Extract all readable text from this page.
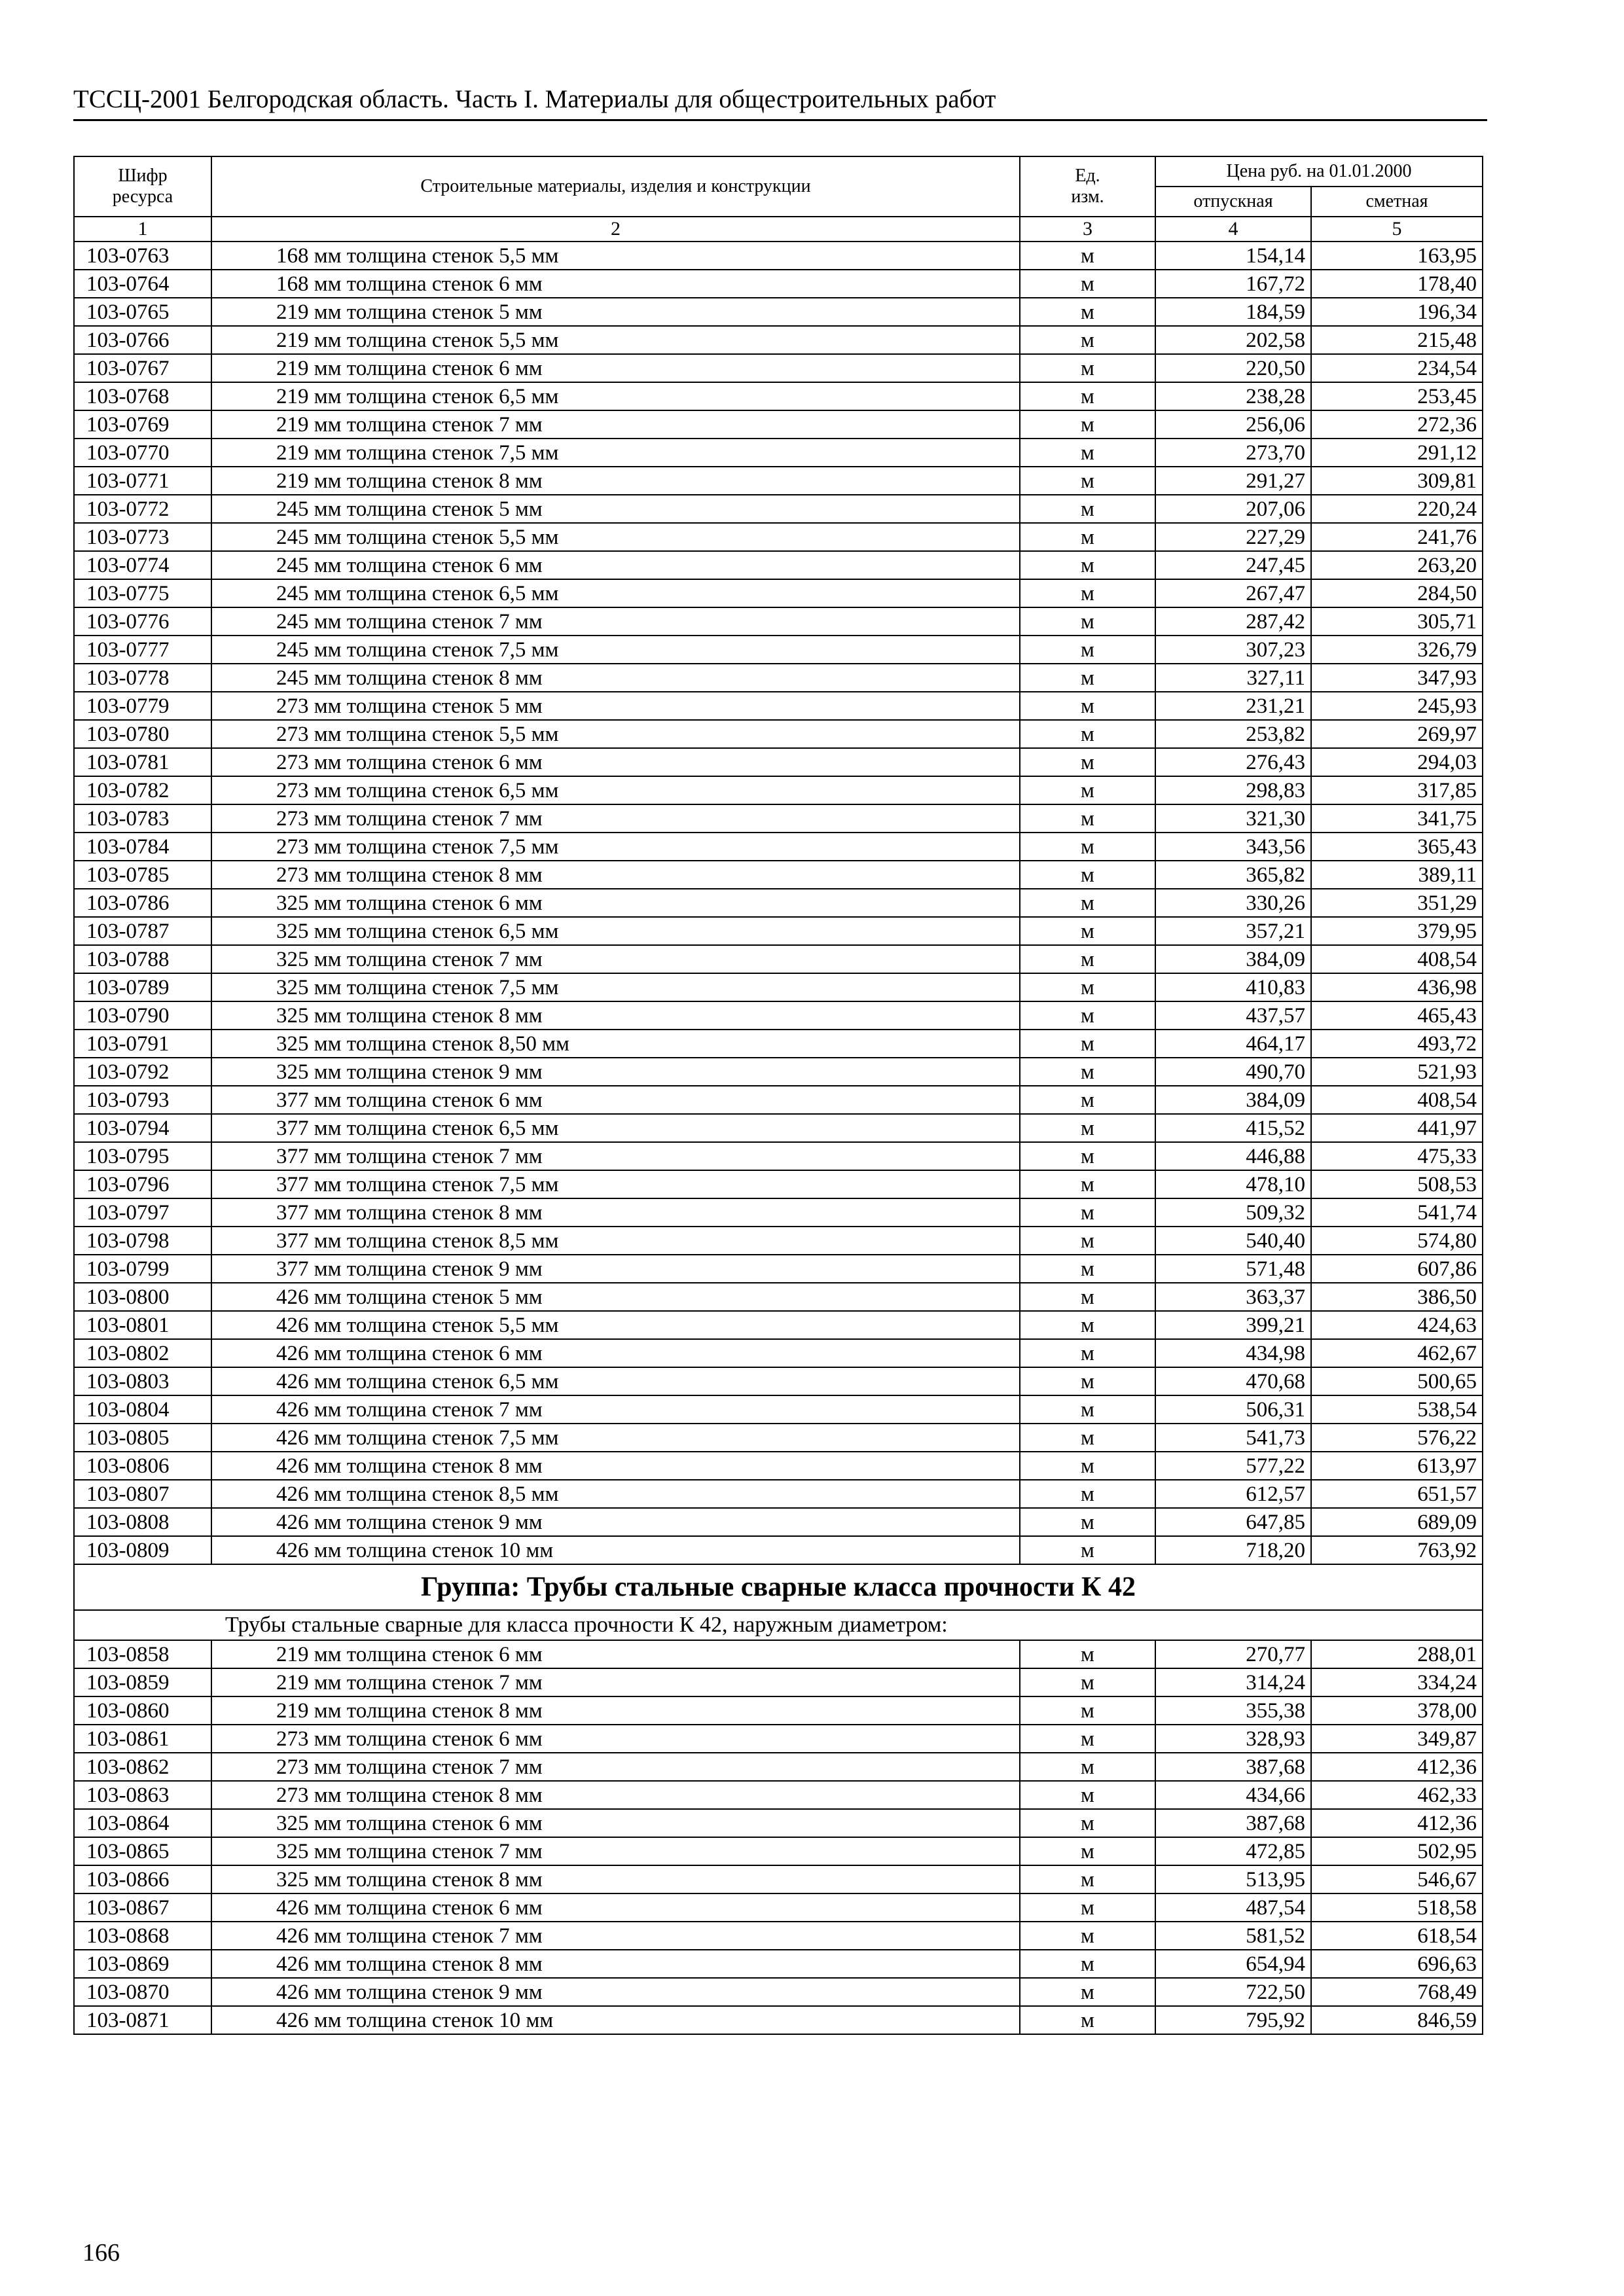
ТССЦ-2001 Белгородская область. Часть I. Материалы для общестроительных работ
Шифр ресурса	Строительные материалы, изделия и конструкции	Ед. изм.	Цена руб. на 01.01.2000	
			отпускная	сметная
1	2	3	4	5
103-0763	168 мм толщина стенок 5,5 мм	м	154,14	163,95
103-0764	168 мм толщина стенок 6 мм	м	167,72	178,40
103-0765	219 мм толщина стенок 5 мм	м	184,59	196,34
103-0766	219 мм толщина стенок 5,5 мм	м	202,58	215,48
103-0767	219 мм толщина стенок 6 мм	м	220,50	234,54
103-0768	219 мм толщина стенок 6,5 мм	м	238,28	253,45
103-0769	219 мм толщина стенок 7 мм	м	256,06	272,36
103-0770	219 мм толщина стенок 7,5 мм	м	273,70	291,12
103-0771	219 мм толщина стенок 8 мм	м	291,27	309,81
103-0772	245 мм толщина стенок 5 мм	м	207,06	220,24
103-0773	245 мм толщина стенок 5,5 мм	м	227,29	241,76
103-0774	245 мм толщина стенок 6 мм	м	247,45	263,20
103-0775	245 мм толщина стенок 6,5 мм	м	267,47	284,50
103-0776	245 мм толщина стенок 7 мм	м	287,42	305,71
103-0777	245 мм толщина стенок 7,5 мм	м	307,23	326,79
103-0778	245 мм толщина стенок 8 мм	м	327,11	347,93
103-0779	273 мм толщина стенок 5 мм	м	231,21	245,93
103-0780	273 мм толщина стенок 5,5 мм	м	253,82	269,97
103-0781	273 мм толщина стенок 6 мм	м	276,43	294,03
103-0782	273 мм толщина стенок 6,5 мм	м	298,83	317,85
103-0783	273 мм толщина стенок 7 мм	м	321,30	341,75
103-0784	273 мм толщина стенок 7,5 мм	м	343,56	365,43
103-0785	273 мм толщина стенок 8 мм	м	365,82	389,11
103-0786	325 мм толщина стенок 6 мм	м	330,26	351,29
103-0787	325 мм толщина стенок 6,5 мм	м	357,21	379,95
103-0788	325 мм толщина стенок 7 мм	м	384,09	408,54
103-0789	325 мм толщина стенок 7,5 мм	м	410,83	436,98
103-0790	325 мм толщина стенок 8 мм	м	437,57	465,43
103-0791	325 мм толщина стенок 8,50 мм	м	464,17	493,72
103-0792	325 мм толщина стенок 9 мм	м	490,70	521,93
103-0793	377 мм толщина стенок 6 мм	м	384,09	408,54
103-0794	377 мм толщина стенок 6,5 мм	м	415,52	441,97
103-0795	377 мм толщина стенок 7 мм	м	446,88	475,33
103-0796	377 мм толщина стенок 7,5 мм	м	478,10	508,53
103-0797	377 мм толщина стенок 8 мм	м	509,32	541,74
103-0798	377 мм толщина стенок 8,5 мм	м	540,40	574,80
103-0799	377 мм толщина стенок 9 мм	м	571,48	607,86
103-0800	426 мм толщина стенок 5 мм	м	363,37	386,50
103-0801	426 мм толщина стенок 5,5 мм	м	399,21	424,63
103-0802	426 мм толщина стенок 6 мм	м	434,98	462,67
103-0803	426 мм толщина стенок 6,5 мм	м	470,68	500,65
103-0804	426 мм толщина стенок 7 мм	м	506,31	538,54
103-0805	426 мм толщина стенок 7,5 мм	м	541,73	576,22
103-0806	426 мм толщина стенок 8 мм	м	577,22	613,97
103-0807	426 мм толщина стенок 8,5 мм	м	612,57	651,57
103-0808	426 мм толщина стенок 9 мм	м	647,85	689,09
103-0809	426 мм толщина стенок 10 мм	м	718,20	763,92
Группа: Трубы стальные сварные класса прочности К 42				
Трубы стальные сварные для класса прочности К 42, наружным диаметром:				
103-0858	219 мм толщина стенок 6 мм	м	270,77	288,01
103-0859	219 мм толщина стенок 7 мм	м	314,24	334,24
103-0860	219 мм толщина стенок 8 мм	м	355,38	378,00
103-0861	273 мм толщина стенок 6 мм	м	328,93	349,87
103-0862	273 мм толщина стенок 7 мм	м	387,68	412,36
103-0863	273 мм толщина стенок 8 мм	м	434,66	462,33
103-0864	325 мм толщина стенок 6 мм	м	387,68	412,36
103-0865	325 мм толщина стенок 7 мм	м	472,85	502,95
103-0866	325 мм толщина стенок 8 мм	м	513,95	546,67
103-0867	426 мм толщина стенок 6 мм	м	487,54	518,58
103-0868	426 мм толщина стенок 7 мм	м	581,52	618,54
103-0869	426 мм толщина стенок 8 мм	м	654,94	696,63
103-0870	426 мм толщина стенок 9 мм	м	722,50	768,49
103-0871	426 мм толщина стенок 10 мм	м	795,92	846,59
166
